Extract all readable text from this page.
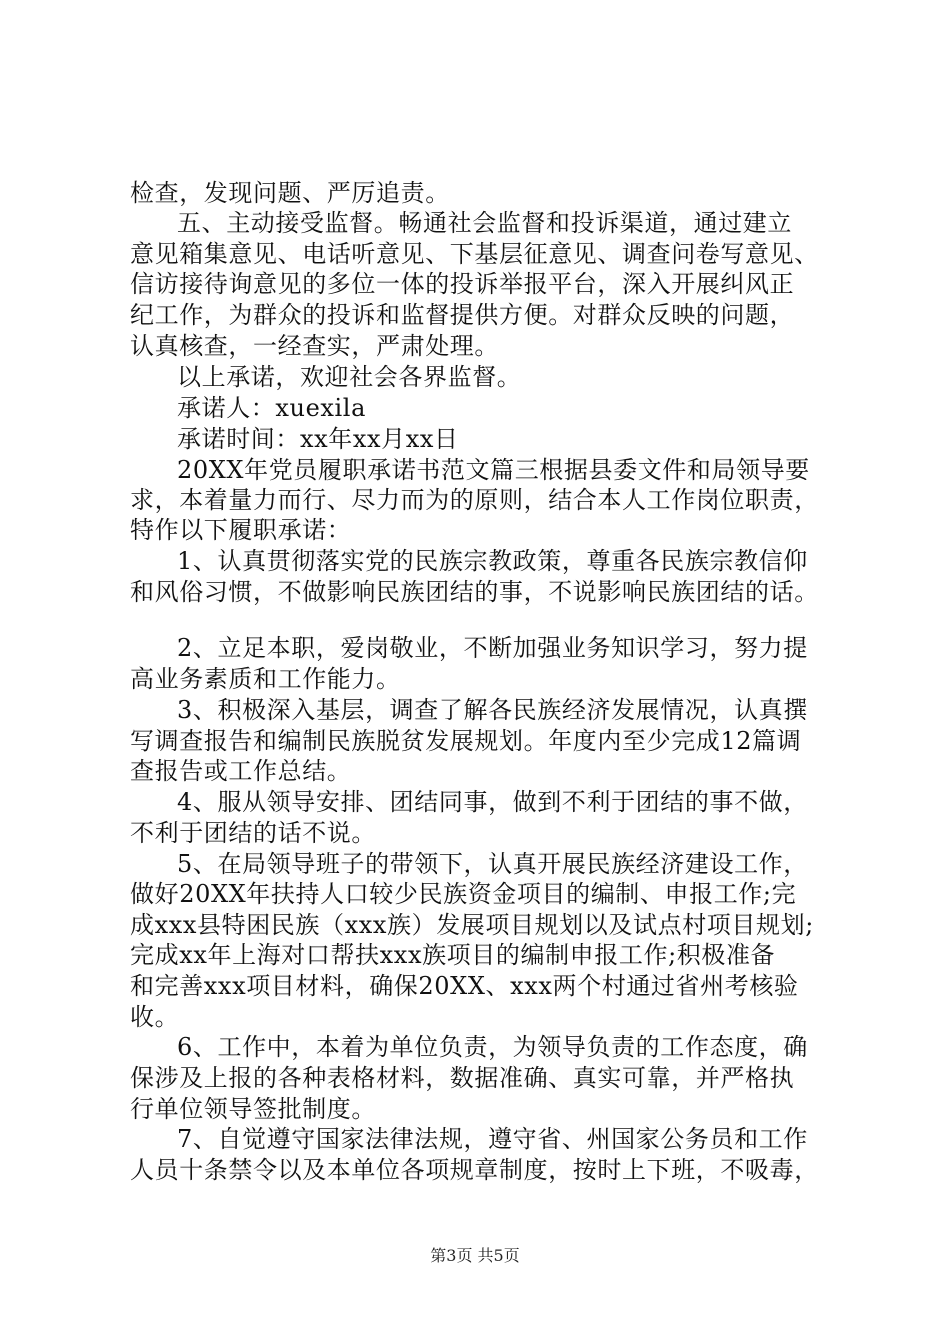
检查，发现问题、严厉追责。
五、主动接受监督。畅通社会监督和投诉渠道，通过建立
意见箱集意见、电话听意见、下基层征意见、调查问卷写意见、
信访接待询意见的多位一体的投诉举报平台，深入开展纠风正
纪工作，为群众的投诉和监督提供方便。对群众反映的问题，
认真核查，一经查实，严肃处理。
以上承诺，欢迎社会各界监督。
承诺人：xuexila
承诺时间：xx年xx月xx日
20XX年党员履职承诺书范文篇三根据县委文件和局领导要
求，本着量力而行、尽力而为的原则，结合本人工作岗位职责，
特作以下履职承诺：
1、认真贯彻落实党的民族宗教政策，尊重各民族宗教信仰
和风俗习惯，不做影响民族团结的事，不说影响民族团结的话。
2、立足本职，爱岗敬业，不断加强业务知识学习，努力提
高业务素质和工作能力。
3、积极深入基层，调查了解各民族经济发展情况，认真撰
写调查报告和编制民族脱贫发展规划。年度内至少完成12篇调
查报告或工作总结。
4、服从领导安排、团结同事，做到不利于团结的事不做，
不利于团结的话不说。
5、在局领导班子的带领下，认真开展民族经济建设工作，
做好20XX年扶持人口较少民族资金项目的编制、申报工作;完
成xxx县特困民族（xxx族）发展项目规划以及试点村项目规划;
完成xx年上海对口帮扶xxx族项目的编制申报工作;积极准备
和完善xxx项目材料，确保20XX、xxx两个村通过省州考核验
收。
6、工作中，本着为单位负责，为领导负责的工作态度，确
保涉及上报的各种表格材料，数据准确、真实可靠，并严格执
行单位领导签批制度。
7、自觉遵守国家法律法规，遵守省、州国家公务员和工作
人员十条禁令以及本单位各项规章制度，按时上下班，不吸毒，
第3页 共5页
